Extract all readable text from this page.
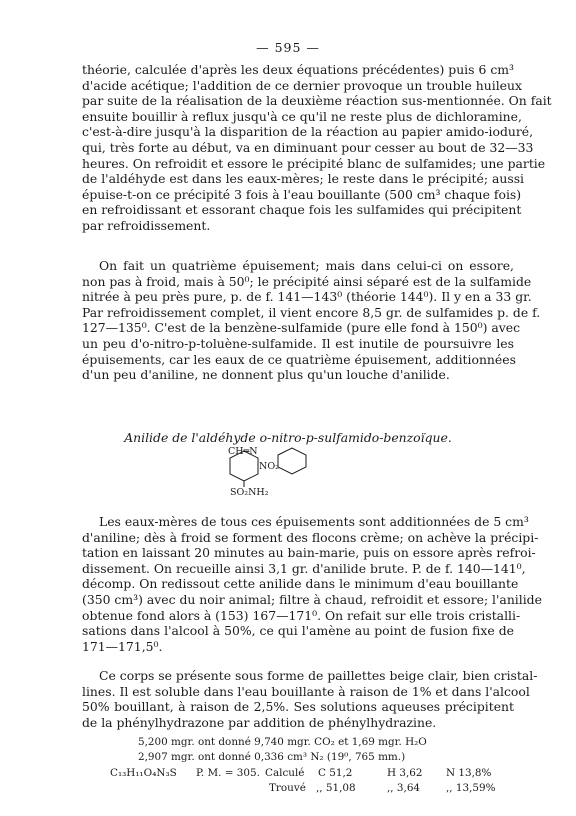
— 595 —
théorie, calculée d'après les deux équations précédentes) puis 6 cm³
d'acide acétique; l'addition de ce dernier provoque un trouble huileux
par suite de la réalisation de la deuxième réaction sus-mentionnée. On fait
ensuite bouillir à reflux jusqu'à ce qu'il ne reste plus de dichloramine,
c'est-à-dire jusqu'à la disparition de la réaction au papier amido-ioduré,
qui, très forte au début, va en diminuant pour cesser au bout de 32—33
heures. On refroidit et essore le précipité blanc de sulfamides; une partie
de l'aldéhyde est dans les eaux-mères; le reste dans le précipité; aussi
épuise-t-on ce précipité 3 fois à l'eau bouillante (500 cm³ chaque fois)
en refroidissant et essorant chaque fois les sulfamides qui précipitent
par refroidissement.
On fait un quatrième épuisement; mais dans celui-ci on essore,
non pas à froid, mais à 50⁰; le précipité ainsi séparé est de la sulfamide
nitrée à peu près pure, p. de f. 141—143⁰ (théorie 144⁰). Il y en a 33 gr.
Par refroidissement complet, il vient encore 8,5 gr. de sulfamides p. de f.
127—135⁰. C'est de la benzène-sulfamide (pure elle fond à 150⁰) avec
un peu d'o-nitro-p-toluène-sulfamide. Il est inutile de poursuivre les
épuisements, car les eaux de ce quatrième épuisement, additionnées
d'un peu d'aniline, ne donnent plus qu'un louche d'anilide.
Anilide de l'aldéhyde o-nitro-p-sulfamido-benzoïque.
CH═N
NO₂
SO₂NH₂
Les eaux-mères de tous ces épuisements sont additionnées de 5 cm³
d'aniline; dès à froid se forment des flocons crème; on achève la précipi-
tation en laissant 20 minutes au bain-marie, puis on essore après refroi-
dissement. On recueille ainsi 3,1 gr. d'anilide brute. P. de f. 140—141⁰,
décomp. On redissout cette anilide dans le minimum d'eau bouillante
(350 cm³) avec du noir animal; filtre à chaud, refroidit et essore; l'anilide
obtenue fond alors à (153) 167—171⁰. On refait sur elle trois cristalli-
sations dans l'alcool à 50%, ce qui l'amène au point de fusion fixe de
171—171,5⁰.
Ce corps se présente sous forme de paillettes beige clair, bien cristal-
lines. Il est soluble dans l'eau bouillante à raison de 1% et dans l'alcool
50% bouillant, à raison de 2,5%. Ses solutions aqueuses précipitent
de la phénylhydrazone par addition de phénylhydrazine.
5,200 mgr. ont donné 9,740 mgr. CO₂ et 1,69 mgr. H₂O
2,907 mgr. ont donné 0,336 cm³ N₂ (19⁰, 765 mm.)
C₁₃H₁₁O₄N₃S P. M. = 305. Calculé C 51,2	H 3,62 N 13,8%
Trouvé ,, 51,08	,, 3,64 ,, 13,59%
